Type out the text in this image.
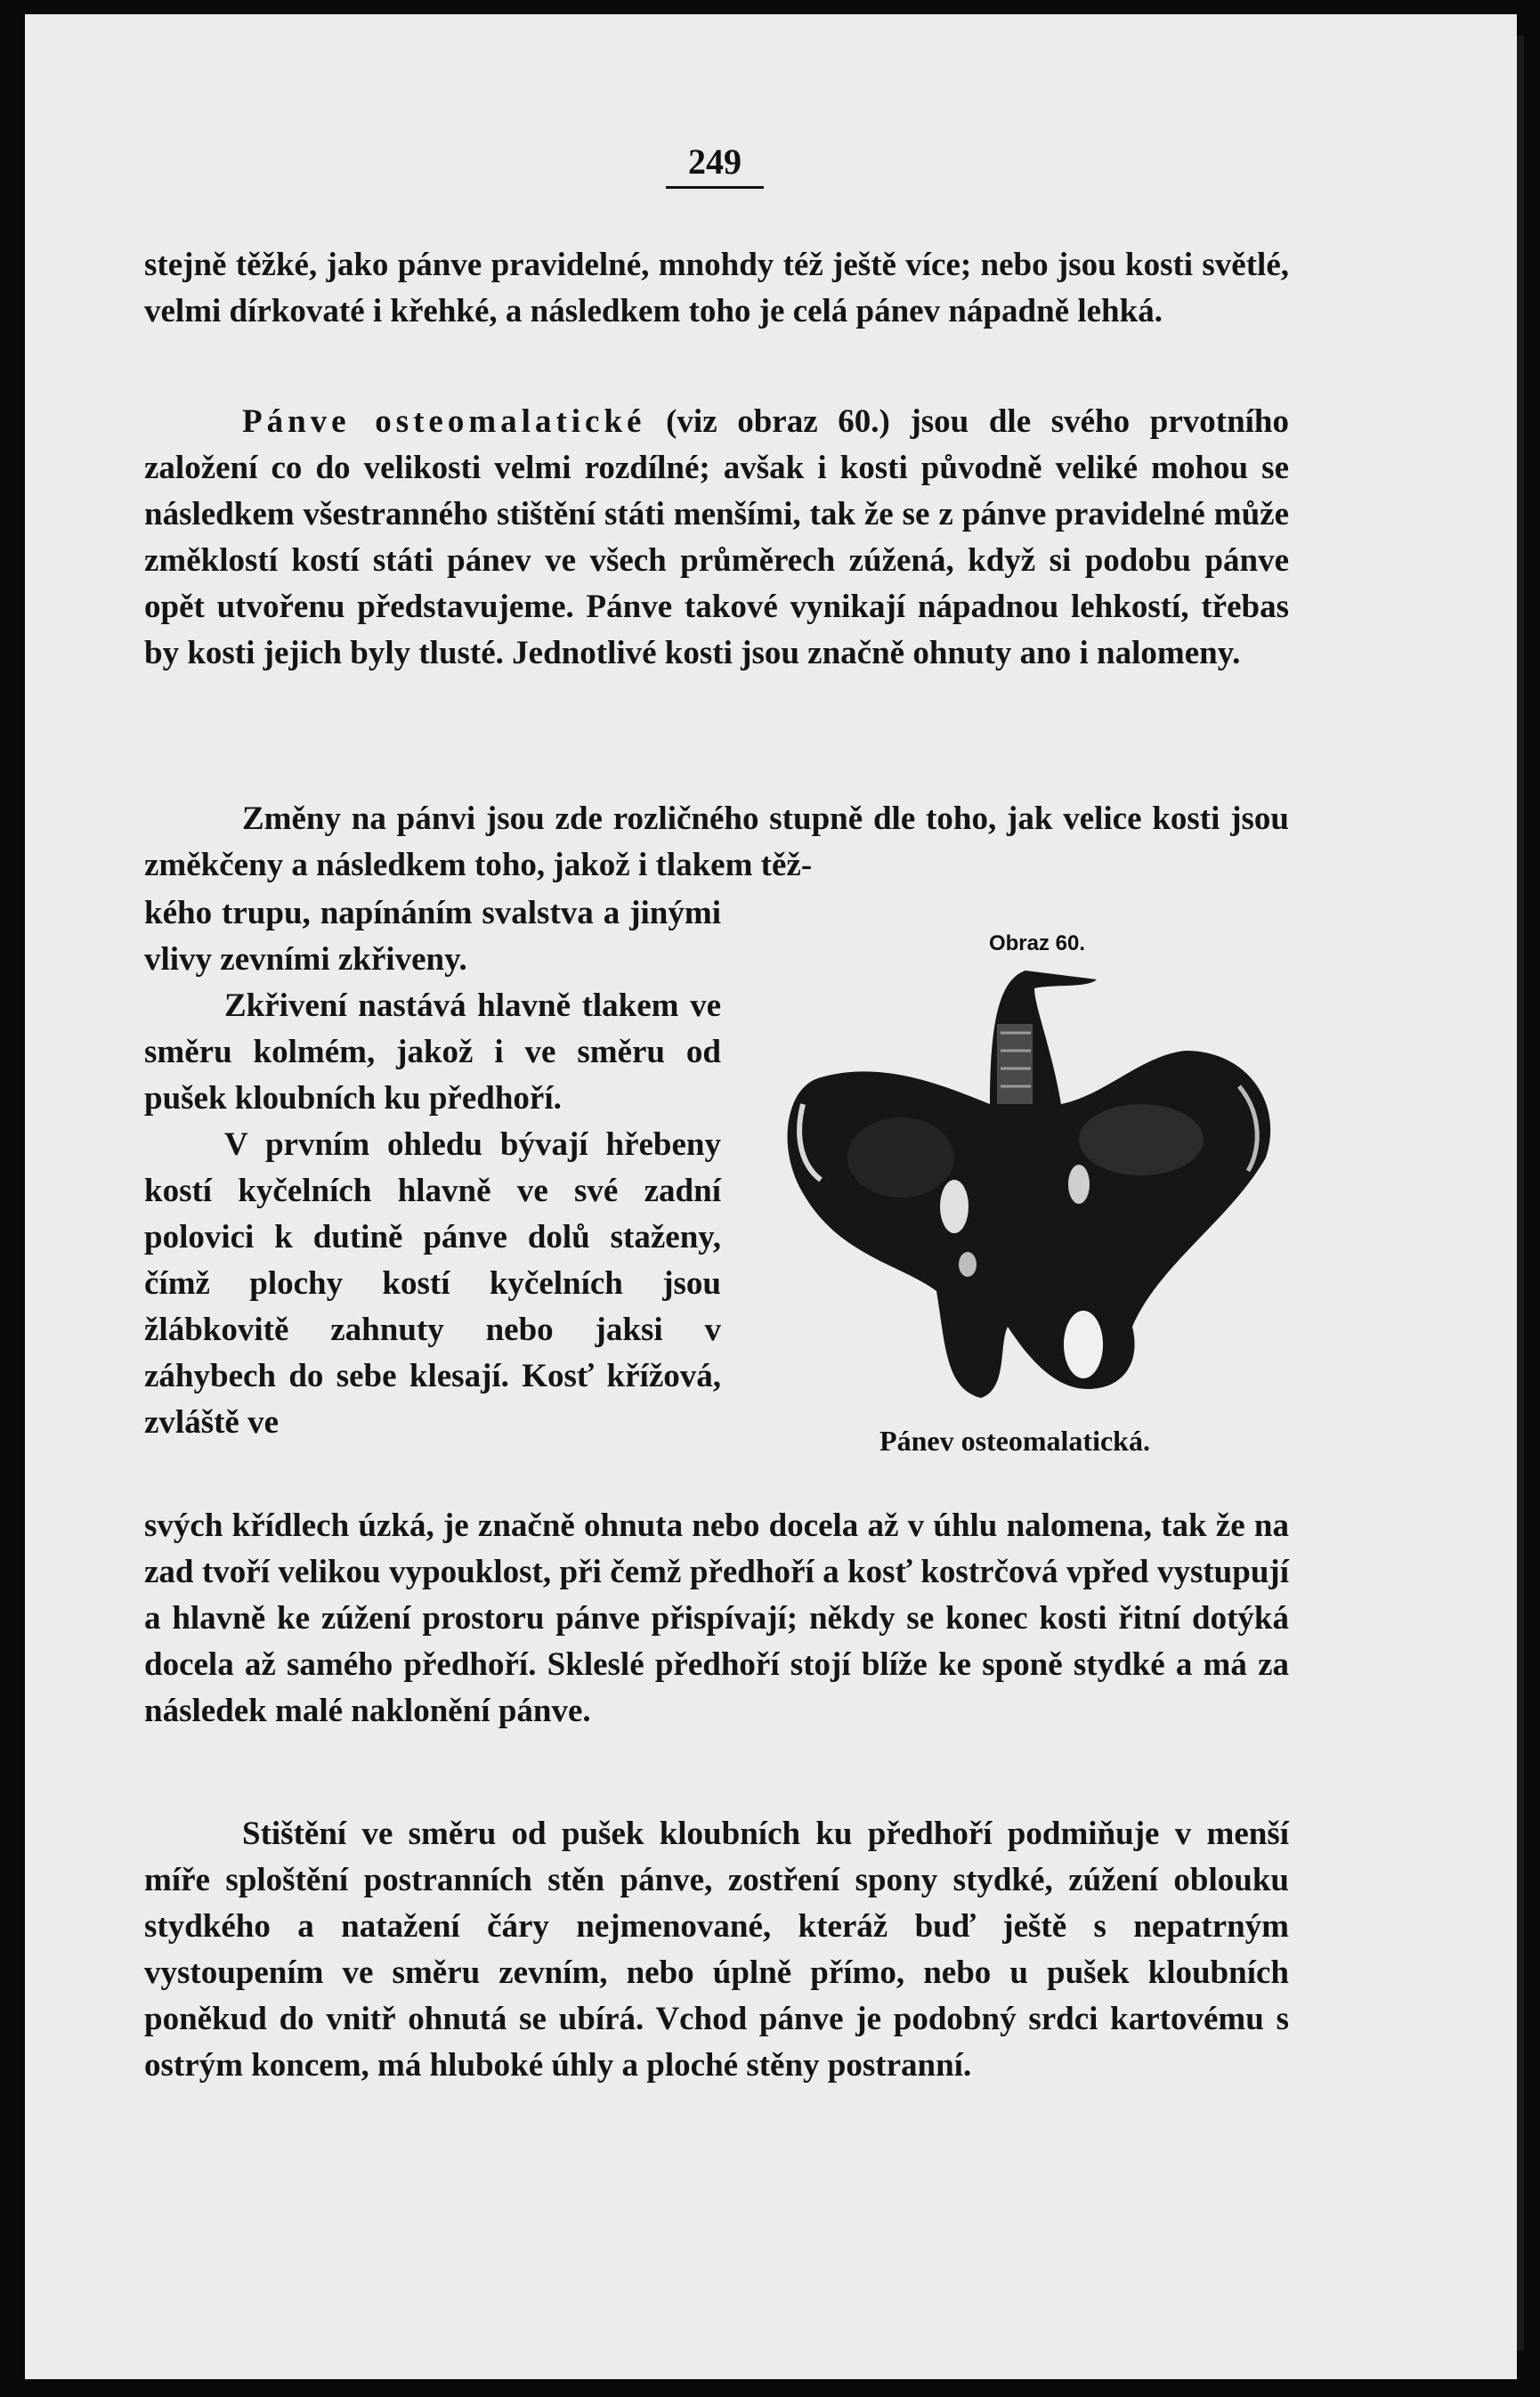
249

stejně těžké, jako pánve pravidelné, mnohdy též ještě více; nebo jsou kosti světlé, velmi dírkovaté i křehké, a následkem toho je celá pánev nápadně lehká.

Pánve osteomalatické (viz obraz 60.) jsou dle svého prvotního založení co do velikosti velmi rozdílné; avšak i kosti původně veliké mohou se následkem všestranného stištění státi menšími, tak že se z pánve pravidelné může změklostí kostí státi pánev ve všech průměrech zúžená, když si podobu pánve opět utvořenu představujeme. Pánve takové vynikají nápadnou lehkostí, třebas by kosti jejich byly tlusté. Jednotlivé kosti jsou značně ohnuty ano i nalomeny.

Změny na pánvi jsou zde rozličného stupně dle toho, jak velice kosti jsou změkčeny a následkem toho, jakož i tlakem těž-

kého trupu, napínáním svalstva a jinými vlivy zevními zkřiveny.

Zkřivení nastává hlavně tlakem ve směru kolmém, jakož i ve směru od pušek kloubních ku předhoří.

V prvním ohledu bývají hřebeny kostí kyčelních hlavně ve své zadní polovici k dutině pánve dolů staženy, čímž plochy kostí kyčelních jsou žlábkovitě zahnuty nebo jaksi v záhybech do sebe klesají. Kosť křížová, zvláště ve

Obraz 60.
Pánev osteomalatická.

svých křídlech úzká, je značně ohnuta nebo docela až v úhlu nalomena, tak že na zad tvoří velikou vypouklost, při čemž předhoří a kosť kostrčová vpřed vystupují a hlavně ke zúžení prostoru pánve přispívají; někdy se konec kosti řitní dotýká docela až samého předhoří. Skleslé předhoří stojí blíže ke sponě stydké a má za následek malé naklonění pánve.

Stištění ve směru od pušek kloubních ku předhoří podmiňuje v menší míře sploštění postranních stěn pánve, zostření spony stydké, zúžení oblouku stydkého a natažení čáry nejmenované, kteráž buď ještě s nepatrným vystoupením ve směru zevním, nebo úplně přímo, nebo u pušek kloubních poněkud do vnitř ohnutá se ubírá. Vchod pánve je podobný srdci kartovému s ostrým koncem, má hluboké úhly a ploché stěny postranní.
